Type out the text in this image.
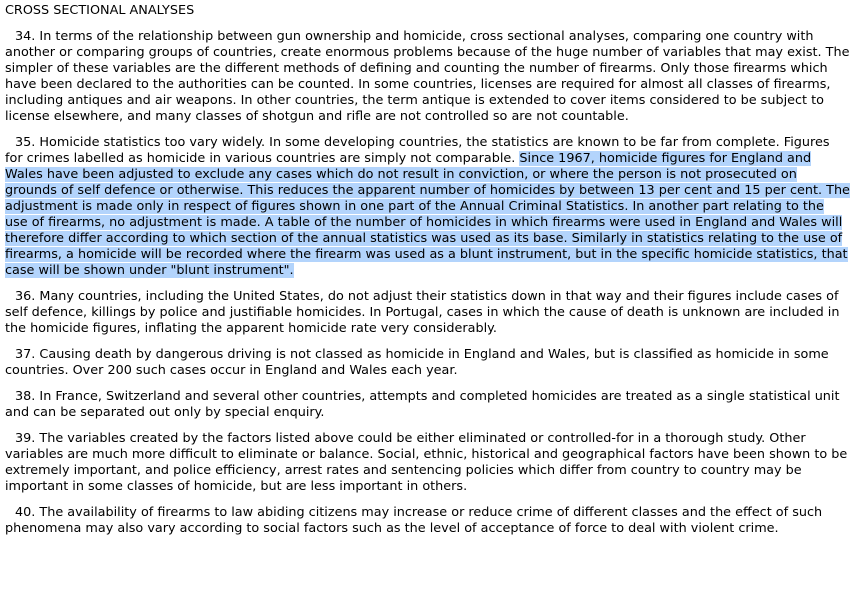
CROSS SECTIONAL ANALYSES

34. In terms of the relationship between gun ownership and homicide, cross sectional analyses, comparing one country with another or comparing groups of countries, create enormous problems because of the huge number of variables that may exist. The simpler of these variables are the different methods of defining and counting the number of firearms. Only those firearms which have been declared to the authorities can be counted. In some countries, licenses are required for almost all classes of firearms, including antiques and air weapons. In other countries, the term antique is extended to cover items considered to be subject to license elsewhere, and many classes of shotgun and rifle are not controlled so are not countable.

35. Homicide statistics too vary widely. In some developing countries, the statistics are known to be far from complete. Figures for crimes labelled as homicide in various countries are simply not comparable. Since 1967, homicide figures for England and Wales have been adjusted to exclude any cases which do not result in conviction, or where the person is not prosecuted on grounds of self defence or otherwise. This reduces the apparent number of homicides by between 13 per cent and 15 per cent. The adjustment is made only in respect of figures shown in one part of the Annual Criminal Statistics. In another part relating to the use of firearms, no adjustment is made. A table of the number of homicides in which firearms were used in England and Wales will therefore differ according to which section of the annual statistics was used as its base. Similarly in statistics relating to the use of firearms, a homicide will be recorded where the firearm was used as a blunt instrument, but in the specific homicide statistics, that case will be shown under "blunt instrument".

36. Many countries, including the United States, do not adjust their statistics down in that way and their figures include cases of self defence, killings by police and justifiable homicides. In Portugal, cases in which the cause of death is unknown are included in the homicide figures, inflating the apparent homicide rate very considerably.

37. Causing death by dangerous driving is not classed as homicide in England and Wales, but is classified as homicide in some countries. Over 200 such cases occur in England and Wales each year.

38. In France, Switzerland and several other countries, attempts and completed homicides are treated as a single statistical unit and can be separated out only by special enquiry.

39. The variables created by the factors listed above could be either eliminated or controlled-for in a thorough study. Other variables are much more difficult to eliminate or balance. Social, ethnic, historical and geographical factors have been shown to be extremely important, and police efficiency, arrest rates and sentencing policies which differ from country to country may be important in some classes of homicide, but are less important in others.

40. The availability of firearms to law abiding citizens may increase or reduce crime of different classes and the effect of such phenomena may also vary according to social factors such as the level of acceptance of force to deal with violent crime.
